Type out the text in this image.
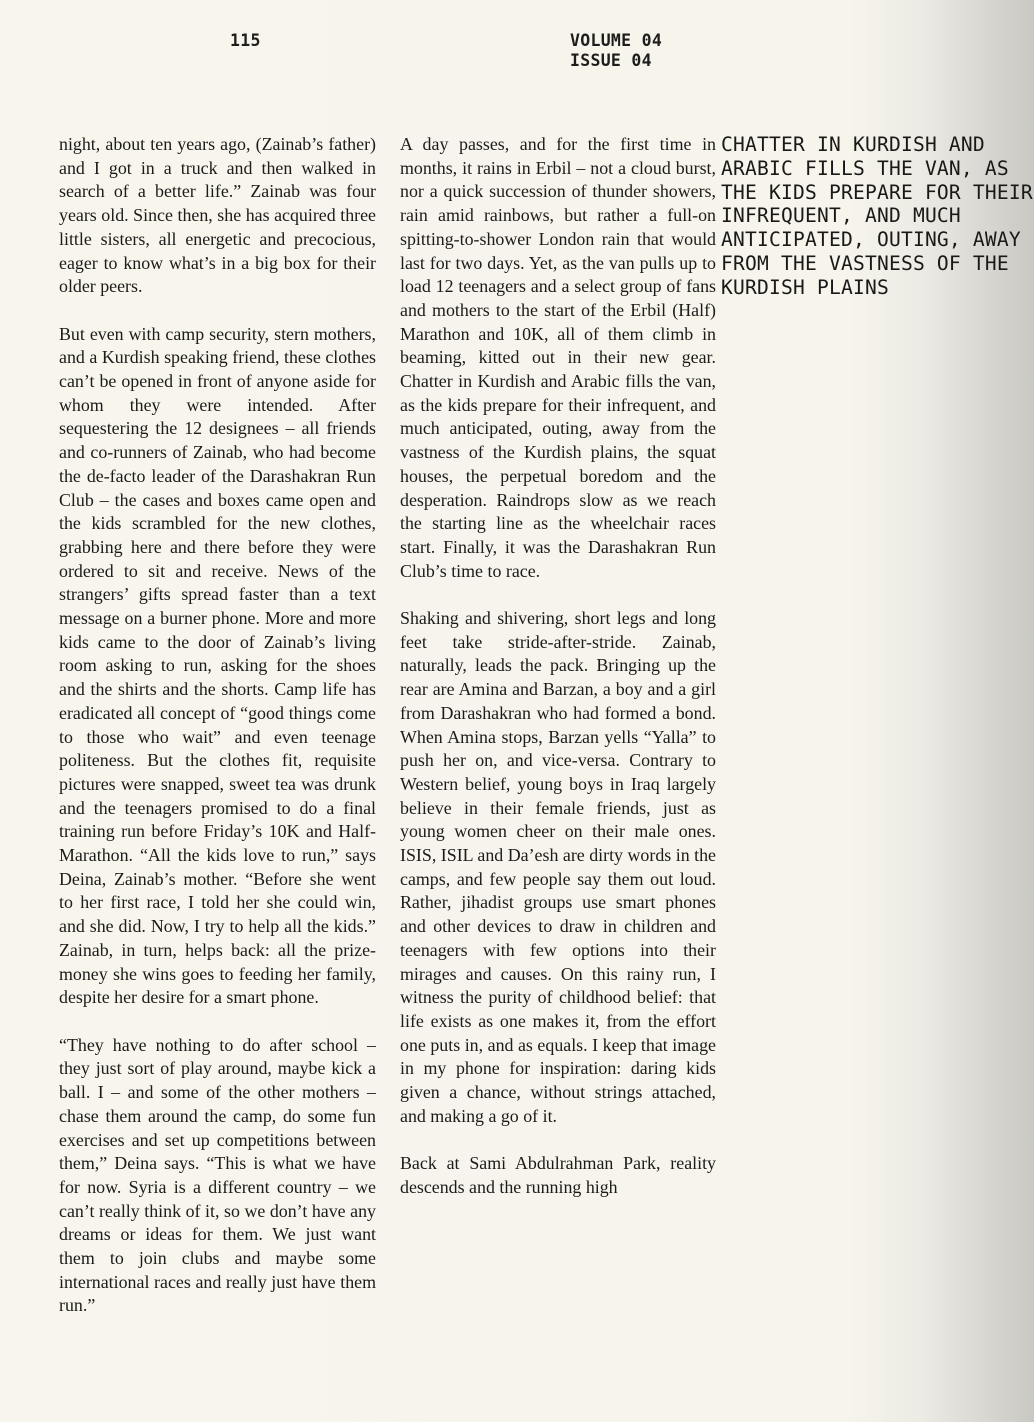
115	VOLUME 04
ISSUE 04

night, about ten years ago, (Zainab’s father) and I got in a truck and then walked in search of a better life.” Zainab was four years old. Since then, she has acquired three little sisters, all energetic and precocious, eager to know what’s in a big box for their older peers.

But even with camp security, stern mothers, and a Kurdish speaking friend, these clothes can’t be opened in front of anyone aside for whom they were intended. After sequestering the 12 designees – all friends and co-runners of Zainab, who had become the de-facto leader of the Darashakran Run Club – the cases and boxes came open and the kids scrambled for the new clothes, grabbing here and there before they were ordered to sit and receive. News of the strangers’ gifts spread faster than a text message on a burner phone. More and more kids came to the door of Zainab’s living room asking to run, asking for the shoes and the shirts and the shorts. Camp life has eradicated all concept of “good things come to those who wait” and even teenage politeness. But the clothes fit, requisite pictures were snapped, sweet tea was drunk and the teenagers promised to do a final training run before Friday’s 10K and Half-Marathon. “All the kids love to run,” says Deina, Zainab’s mother. “Before she went to her first race, I told her she could win, and she did. Now, I try to help all the kids.” Zainab, in turn, helps back: all the prize-money she wins goes to feeding her family, despite her desire for a smart phone.

“They have nothing to do after school – they just sort of play around, maybe kick a ball. I – and some of the other mothers – chase them around the camp, do some fun exercises and set up competitions between them,” Deina says. “This is what we have for now. Syria is a different country – we can’t really think of it, so we don’t have any dreams or ideas for them. We just want them to join clubs and maybe some international races and really just have them run.”

CHATTER IN KURDISH AND ARABIC FILLS THE VAN, AS THE KIDS PREPARE FOR THEIR INFREQUENT, AND MUCH ANTICIPATED, OUTING, AWAY FROM THE VASTNESS OF THE KURDISH PLAINS

A day passes, and for the first time in months, it rains in Erbil – not a cloud burst, nor a quick succession of thunder showers, rain amid rainbows, but rather a full-on spitting-to-shower London rain that would last for two days. Yet, as the van pulls up to load 12 teenagers and a select group of fans and mothers to the start of the Erbil (Half) Marathon and 10K, all of them climb in beaming, kitted out in their new gear. Chatter in Kurdish and Arabic fills the van, as the kids prepare for their infrequent, and much anticipated, outing, away from the vastness of the Kurdish plains, the squat houses, the perpetual boredom and the desperation. Raindrops slow as we reach the starting line as the wheelchair races start. Finally, it was the Darashakran Run Club’s time to race.

Shaking and shivering, short legs and long feet take stride-after-stride. Zainab, naturally, leads the pack. Bringing up the rear are Amina and Barzan, a boy and a girl from Darashakran who had formed a bond. When Amina stops, Barzan yells “Yalla” to push her on, and vice-versa. Contrary to Western belief, young boys in Iraq largely believe in their female friends, just as young women cheer on their male ones. ISIS, ISIL and Da’esh are dirty words in the camps, and few people say them out loud. Rather, jihadist groups use smart phones and other devices to draw in children and teenagers with few options into their mirages and causes. On this rainy run, I witness the purity of childhood belief: that life exists as one makes it, from the effort one puts in, and as equals. I keep that image in my phone for inspiration: daring kids given a chance, without strings attached, and making a go of it.

Back at Sami Abdulrahman Park, reality descends and the running high
